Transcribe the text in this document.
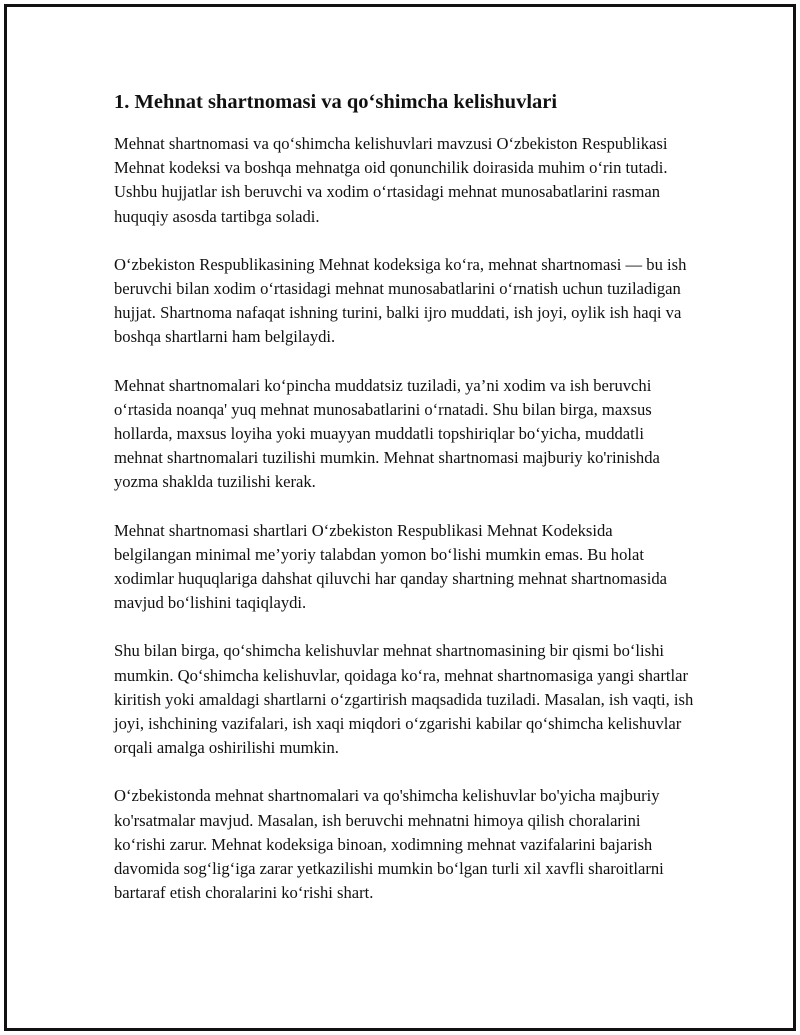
1. Mehnat shartnomasi va qo‘shimcha kelishuvlari

Mehnat shartnomasi va qo‘shimcha kelishuvlari mavzusi O‘zbekiston Respublikasi Mehnat kodeksi va boshqa mehnatga oid qonunchilik doirasida muhim o‘rin tutadi. Ushbu hujjatlar ish beruvchi va xodim o‘rtasidagi mehnat munosabatlarini rasman huquqiy asosda tartibga soladi.

O‘zbekiston Respublikasining Mehnat kodeksiga ko‘ra, mehnat shartnomasi — bu ish beruvchi bilan xodim o‘rtasidagi mehnat munosabatlarini o‘rnatish uchun tuziladigan hujjat. Shartnoma nafaqat ishning turini, balki ijro muddati, ish joyi, oylik ish haqi va boshqa shartlarni ham belgilaydi.

Mehnat shartnomalari ko‘pincha muddatsiz tuziladi, ya’ni xodim va ish beruvchi o‘rtasida noanqa' yuq mehnat munosabatlarini o‘rnatadi. Shu bilan birga, maxsus hollarda, maxsus loyiha yoki muayyan muddatli topshiriqlar bo‘yicha, muddatli mehnat shartnomalari tuzilishi mumkin. Mehnat shartnomasi majburiy ko'rinishda yozma shaklda tuzilishi kerak.

Mehnat shartnomasi shartlari O‘zbekiston Respublikasi Mehnat Kodeksida belgilangan minimal me’yoriy talabdan yomon bo‘lishi mumkin emas. Bu holat xodimlar huquqlariga dahshat qiluvchi har qanday shartning mehnat shartnomasida mavjud bo‘lishini taqiqlaydi.

Shu bilan birga, qo‘shimcha kelishuvlar mehnat shartnomasining bir qismi bo‘lishi mumkin. Qo‘shimcha kelishuvlar, qoidaga ko‘ra, mehnat shartnomasiga yangi shartlar kiritish yoki amaldagi shartlarni o‘zgartirish maqsadida tuziladi. Masalan, ish vaqti, ish joyi, ishchining vazifalari, ish xaqi miqdori o‘zgarishi kabilar qo‘shimcha kelishuvlar orqali amalga oshirilishi mumkin.

O‘zbekistonda mehnat shartnomalari va qo'shimcha kelishuvlar bo'yicha majburiy ko'rsatmalar mavjud. Masalan, ish beruvchi mehnatni himoya qilish choralarini ko‘rishi zarur. Mehnat kodeksiga binoan, xodimning mehnat vazifalarini bajarish davomida sog‘lig‘iga zarar yetkazilishi mumkin bo‘lgan turli xil xavfli sharoitlarni bartaraf etish choralarini ko‘rishi shart.
